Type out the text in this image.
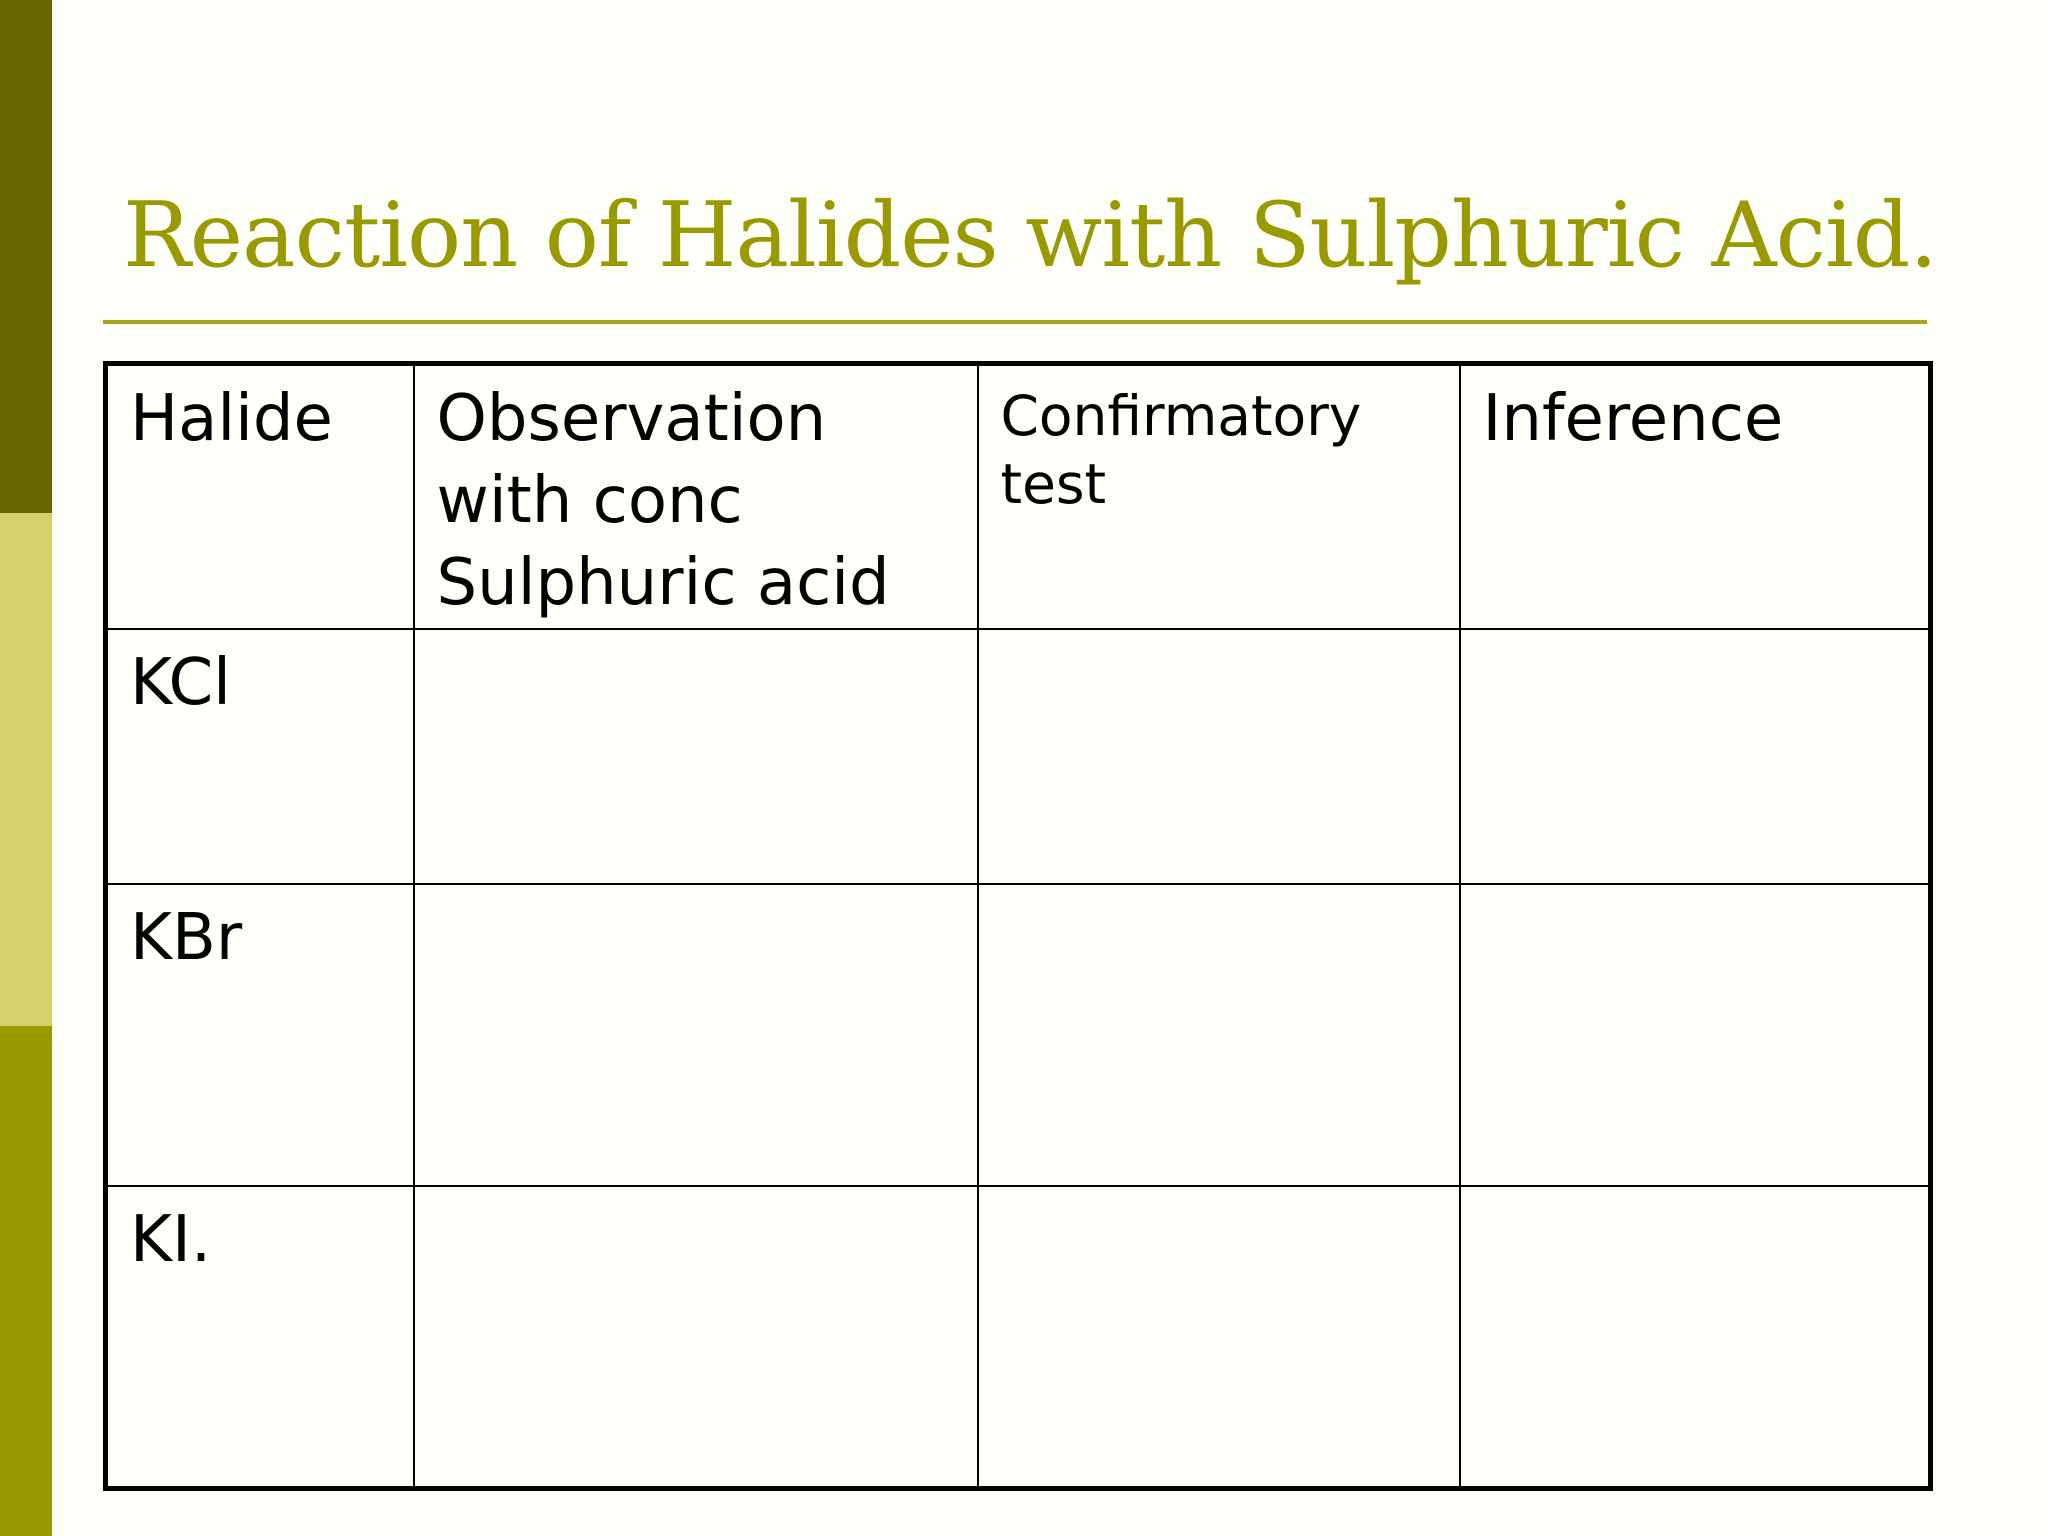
Reaction of Halides with Sulphuric Acid.
Halide	Observation with conc Sulphuric acid	Confirmatory test	Inference
KCl			
KBr			
KI.			
